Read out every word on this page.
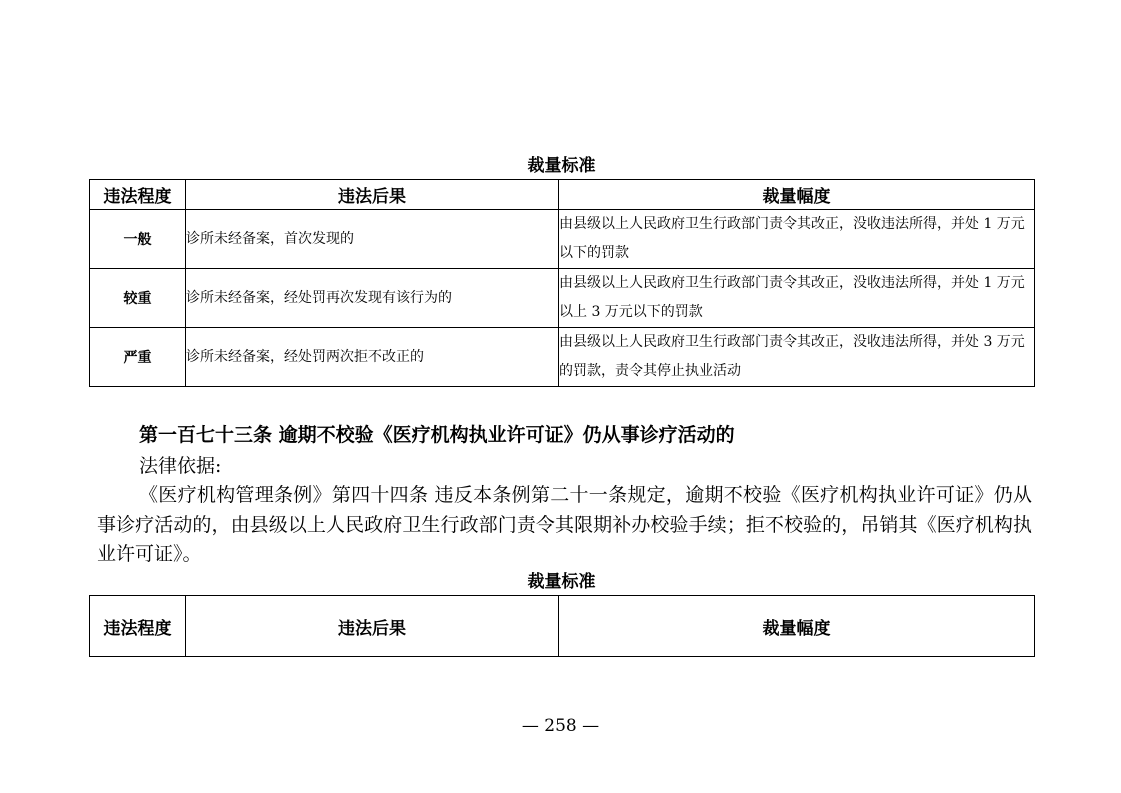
裁量标准
违法程度	违法后果	裁量幅度
一般	诊所未经备案，首次发现的	由县级以上人民政府卫生行政部门责令其改正，没收违法所得，并处 1 万元以下的罚款
较重	诊所未经备案，经处罚再次发现有该行为的	由县级以上人民政府卫生行政部门责令其改正，没收违法所得，并处 1 万元以上 3 万元以下的罚款
严重	诊所未经备案，经处罚两次拒不改正的	由县级以上人民政府卫生行政部门责令其改正，没收违法所得，并处 3 万元的罚款，责令其停止执业活动
第一百七十三条 逾期不校验《医疗机构执业许可证》仍从事诊疗活动的
法律依据:
《医疗机构管理条例》第四十四条 违反本条例第二十一条规定，逾期不校验《医疗机构执业许可证》仍从事诊疗活动的，由县级以上人民政府卫生行政部门责令其限期补办校验手续；拒不校验的，吊销其《医疗机构执业许可证》。
裁量标准
违法程度	违法后果	裁量幅度
— 258 —
